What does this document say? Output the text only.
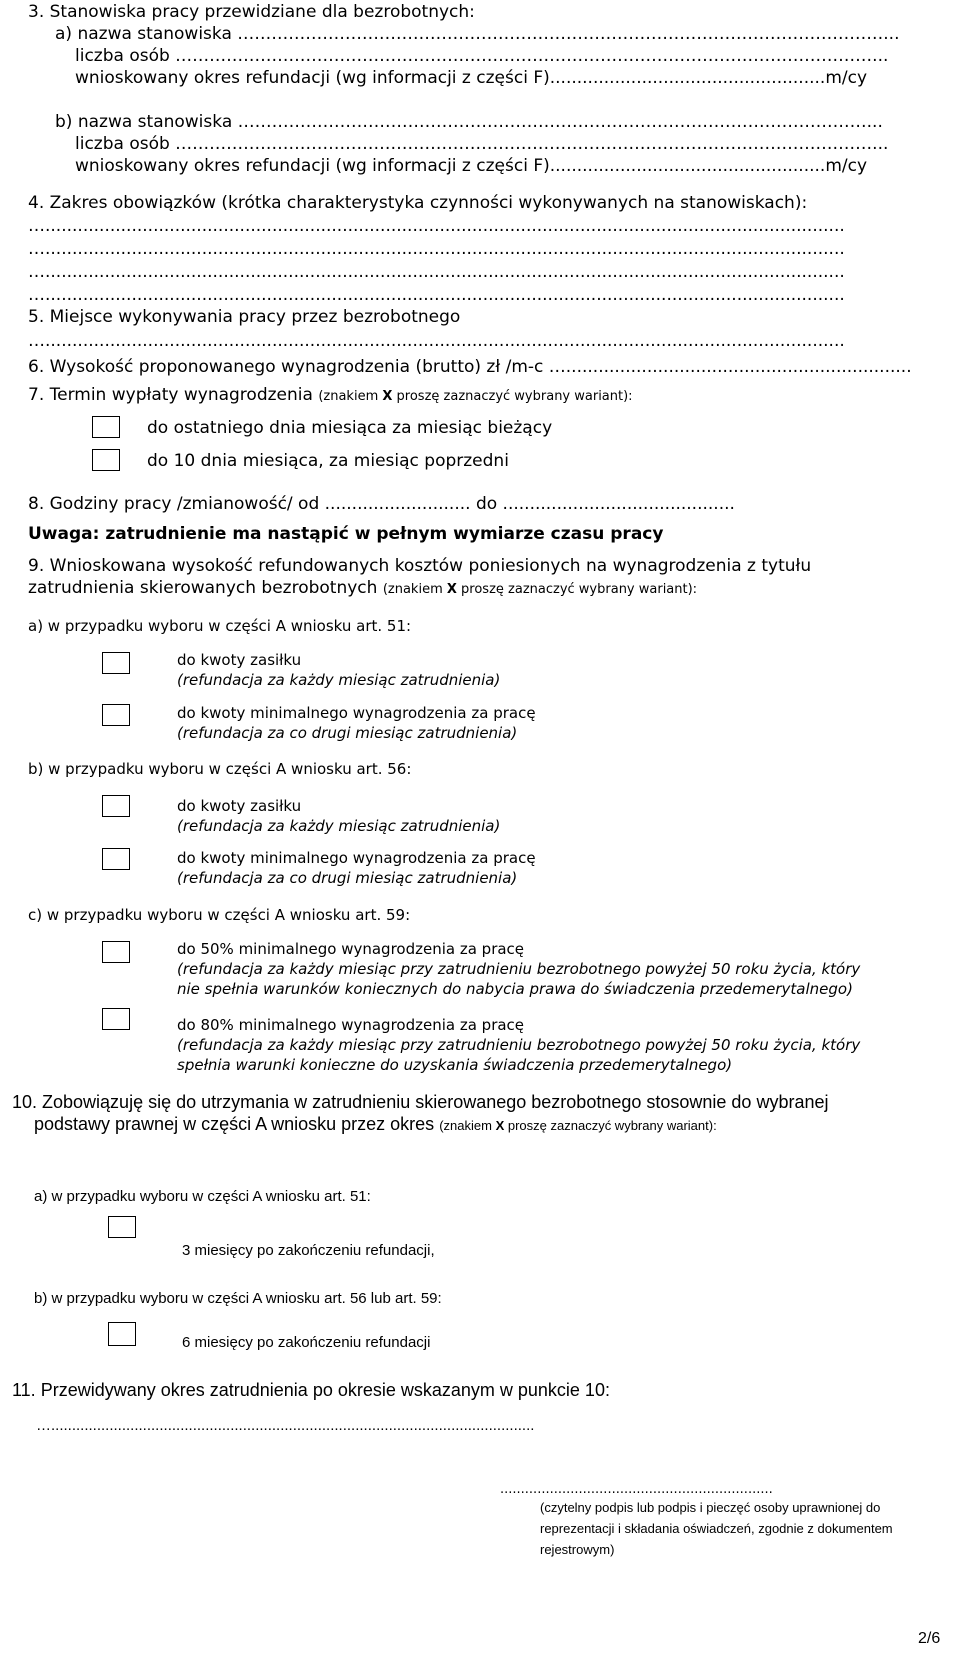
3. Stanowiska pracy przewidziane dla bezrobotnych:
a) nazwa stanowiska ……………………………………………………………………………………………………...
liczba osób ……………………………………………………………………………………………………………...
wnioskowany okres refundacji (wg informacji z części F)...................................................m/cy
b) nazwa stanowiska …………………………………………………………………………………………………...
liczba osób ……………………………………………………………………………………………………………...
wnioskowany okres refundacji (wg informacji z części F)...................................................m/cy
4. Zakres obowiązków (krótka charakterystyka czynności wykonywanych na stanowiskach):
…....................................................................................................................................................
…....................................................................................................................................................
…....................................................................................................................................................
…....................................................................................................................................................
5. Miejsce wykonywania pracy przez bezrobotnego
…....................................................................................................................................................
6. Wysokość proponowanego wynagrodzenia (brutto) zł /m-c …................................................................
7. Termin wypłaty wynagrodzenia (znakiem X proszę zaznaczyć wybrany wariant):
do ostatniego dnia miesiąca za miesiąc bieżący
do 10 dnia miesiąca, za miesiąc poprzedni
8. Godziny pracy /zmianowość/ od ........................... do ...........................................
Uwaga: zatrudnienie ma nastąpić w pełnym wymiarze czasu pracy
9. Wnioskowana wysokość refundowanych kosztów poniesionych na wynagrodzenia z tytułu
zatrudnienia skierowanych bezrobotnych (znakiem X proszę zaznaczyć wybrany wariant):
a) w przypadku wyboru w części A wniosku art. 51:
do kwoty zasiłku
(refundacja za każdy miesiąc zatrudnienia)
do kwoty minimalnego wynagrodzenia za pracę
(refundacja za co drugi miesiąc zatrudnienia)
b) w przypadku wyboru w części A wniosku art. 56:
do kwoty zasiłku
(refundacja za każdy miesiąc zatrudnienia)
do kwoty minimalnego wynagrodzenia za pracę
(refundacja za co drugi miesiąc zatrudnienia)
c) w przypadku wyboru w części A wniosku art. 59:
do 50% minimalnego wynagrodzenia za pracę
(refundacja za każdy miesiąc przy zatrudnieniu bezrobotnego powyżej 50 roku życia, który
nie spełnia warunków koniecznych do nabycia prawa do świadczenia przedemerytalnego)
do 80% minimalnego wynagrodzenia za pracę
(refundacja za każdy miesiąc przy zatrudnieniu bezrobotnego powyżej 50 roku życia, który
spełnia warunki konieczne do uzyskania świadczenia przedemerytalnego)
10. Zobowiązuję się do utrzymania w zatrudnieniu skierowanego bezrobotnego stosownie do wybranej
podstawy prawnej w części A wniosku przez okres (znakiem X proszę zaznaczyć wybrany wariant):
a) w przypadku wyboru w części A wniosku art. 51:
3 miesięcy po zakończeniu refundacji,
b) w przypadku wyboru w części A wniosku art. 56 lub art. 59:
6 miesięcy po zakończeniu refundacji
11. Przewidywany okres zatrudnienia po okresie wskazanym w punkcie 10:
…....................................................................................................................
..................................................................
(czytelny podpis lub podpis i pieczęć osoby uprawnionej do
reprezentacji i składania oświadczeń, zgodnie z dokumentem
rejestrowym)
2/6
